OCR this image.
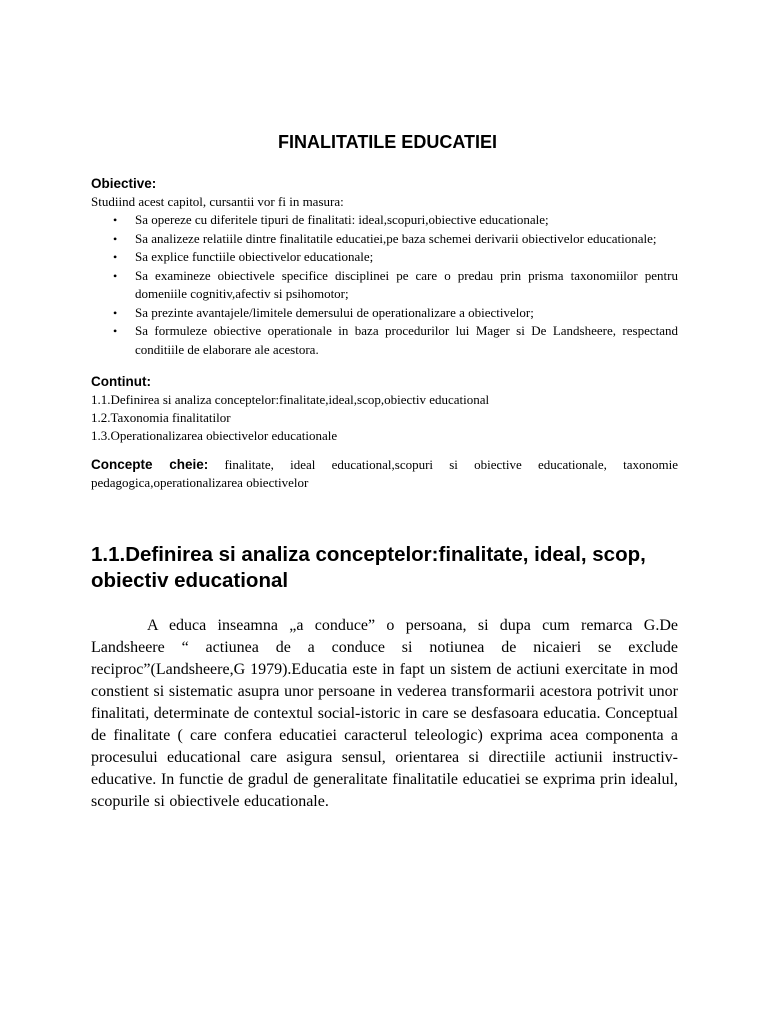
FINALITATILE EDUCATIEI

Obiective:

Studiind acest capitol, cursantii vor fi in masura:

• Sa opereze cu diferitele tipuri de finalitati: ideal,scopuri,obiective educationale;
• Sa analizeze relatiile dintre finalitatile educatiei,pe baza schemei derivarii obiectivelor educationale;
• Sa explice functiile obiectivelor educationale;
• Sa examineze obiectivele specifice disciplinei pe care o predau prin prisma taxonomiilor pentru domeniile cognitiv,afectiv si psihomotor;
• Sa prezinte avantajele/limitele demersului de operationalizare a obiectivelor;
• Sa formuleze obiective operationale in baza procedurilor lui Mager si De Landsheere, respectand conditiile de elaborare ale acestora.

Continut:

1.1.Definirea si analiza conceptelor:finalitate,ideal,scop,obiectiv educational

1.2.Taxonomia finalitatilor

1.3.Operationalizarea obiectivelor educationale

Concepte cheie: finalitate, ideal educational,scopuri si obiective educationale, taxonomie pedagogica,operationalizarea obiectivelor
1.1.Definirea si analiza conceptelor:finalitate, ideal, scop, obiectiv educational

A educa inseamna „a conduce” o persoana, si dupa cum remarca G.De Landsheere “ actiunea de a conduce si notiunea de nicaieri se exclude reciproc”(Landsheere,G 1979).Educatia este in fapt un sistem de actiuni exercitate in mod constient si sistematic asupra unor persoane in vederea transformarii acestora potrivit unor finalitati, determinate de contextul social-istoric in care se desfasoara educatia. Conceptual de finalitate ( care confera educatiei caracterul teleologic) exprima acea componenta a procesului educational care asigura sensul, orientarea si directiile actiunii instructiv-educative. In functie de gradul de generalitate finalitatile educatiei se exprima prin idealul, scopurile si obiectivele educationale.
